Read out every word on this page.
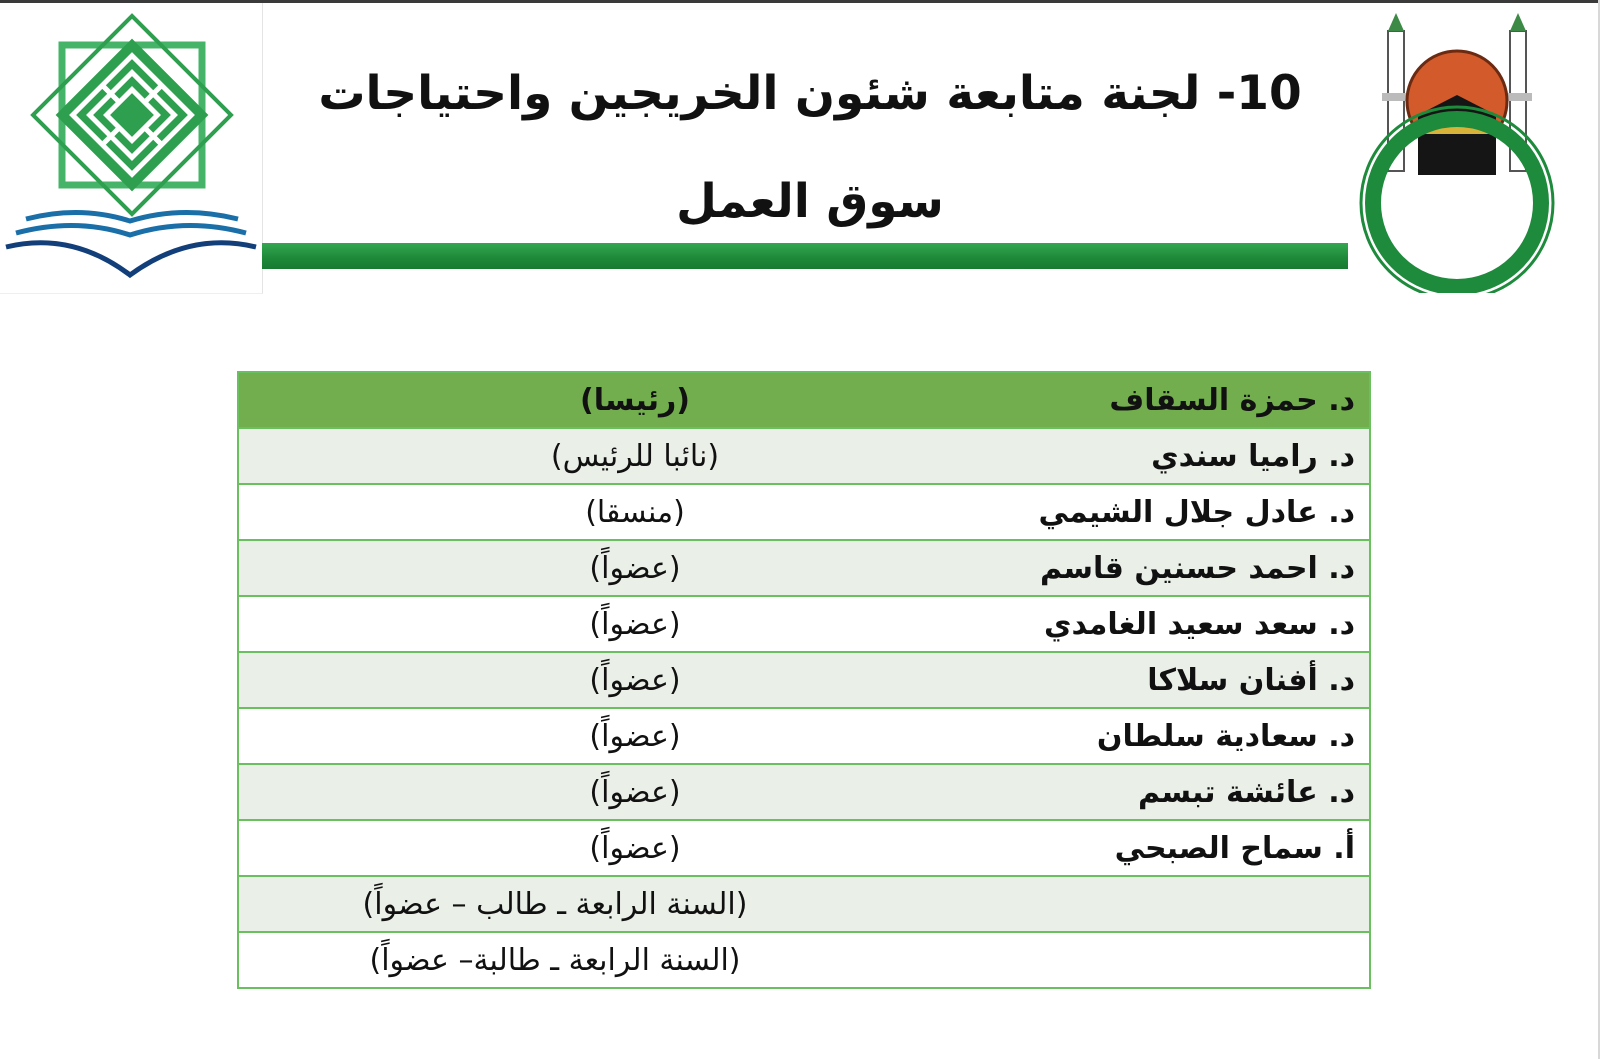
10- لجنة متابعة شئون الخريجين واحتياجات سوق العمل
د. حمزة السقاف	(رئيسا)
د. راميا سندي	(نائبا للرئيس)
د. عادل جلال الشيمي	(منسقا)
د. احمد حسنين قاسم	(عضواً)
د. سعد سعيد الغامدي	(عضواً)
د. أفنان سلاكا	(عضواً)
د. سعادية سلطان	(عضواً)
د. عائشة تبسم	(عضواً)
أ. سماح الصبحي	(عضواً)
	(السنة الرابعة ـ طالب – عضواً)
	(السنة الرابعة ـ طالبة– عضواً)
